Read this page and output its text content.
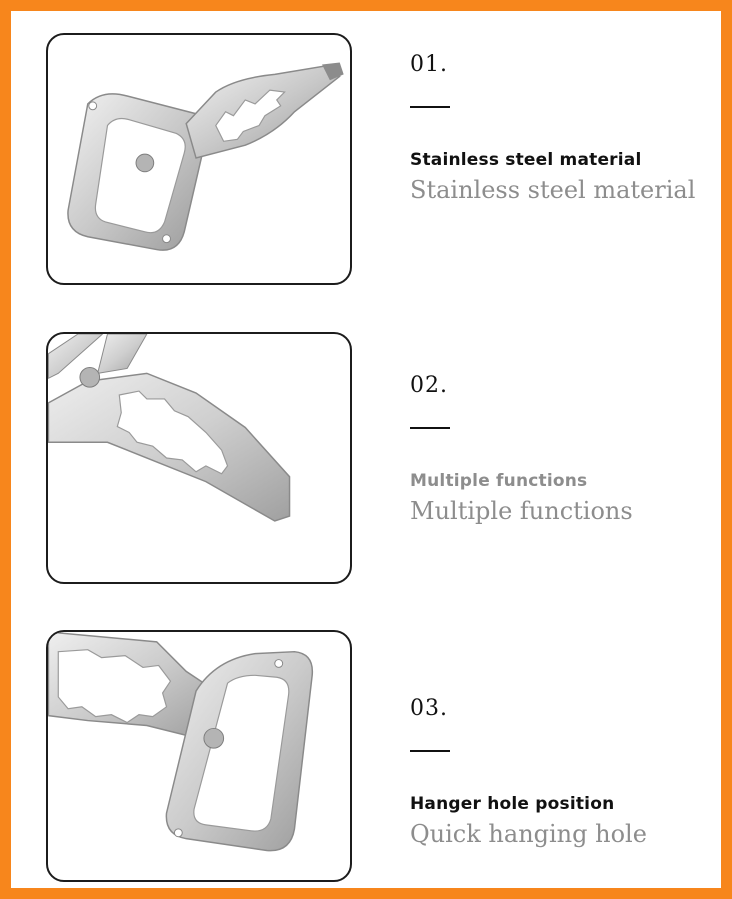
01.
Stainless steel material
Stainless steel material
02.
Multiple functions
Multiple functions
03.
Hanger hole position
Quick hanging hole
